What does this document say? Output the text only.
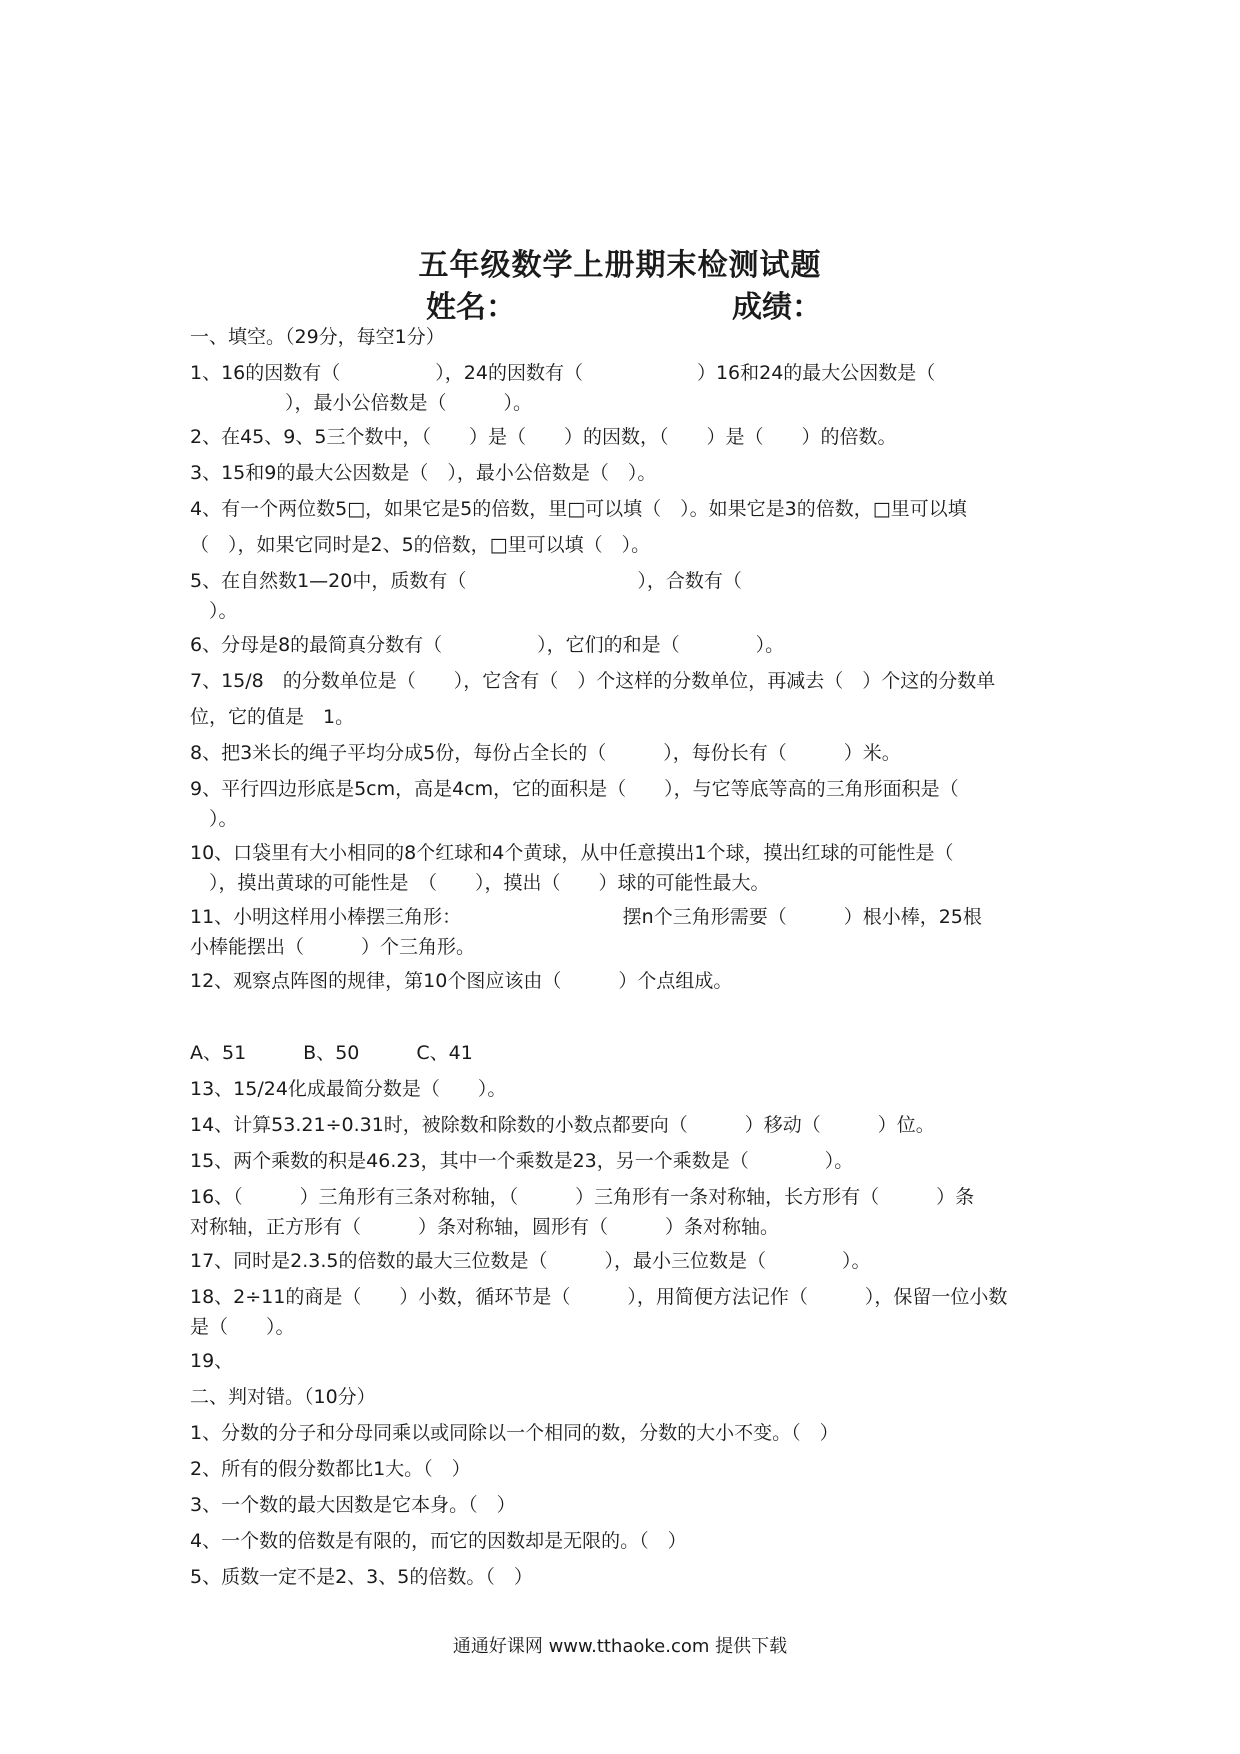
五年级数学上册期末检测试题
姓名：	成绩：
一、填空。（29分，每空1分）
1、16的因数有（　　　　　），24的因数有（　　　　　　）16和24的最大公因数是（
　　　　　），最小公倍数是（　　　）。
2、在45、9、5三个数中，（　　）是（　　）的因数，（　　）是（　　）的倍数。
3、15和9的最大公因数是（　），最小公倍数是（　）。
4、有一个两位数5□，如果它是5的倍数，里□可以填（　）。如果它是3的倍数，□里可以填
（　），如果它同时是2、5的倍数，□里可以填（　）。
5、在自然数1—20中，质数有（　　　　　　　　　），合数有（
　）。
6、分母是8的最简真分数有（　　　　　），它们的和是（　　　　）。
7、15/8　的分数单位是（　　），它含有（　）个这样的分数单位，再减去（　）个这的分数单
位，它的值是　1。
8、把3米长的绳子平均分成5份，每份占全长的（　　　），每份长有（　　　）米。
9、平行四边形底是5cm，高是4cm，它的面积是（　　），与它等底等高的三角形面积是（
　）。
10、口袋里有大小相同的8个红球和4个黄球，从中任意摸出1个球，摸出红球的可能性是（
　），摸出黄球的可能性是　（　　），摸出（　　）球的可能性最大。
11、小明这样用小棒摆三角形：　　　　　　　　　摆n个三角形需要（　　　）根小棒，25根
小棒能摆出（　　　）个三角形。
12、观察点阵图的规律，第10个图应该由（　　　）个点组成。
A、51　　　B、50　　　C、41
13、15/24化成最简分数是（　　）。
14、计算53.21÷0.31时，被除数和除数的小数点都要向（　　　）移动（　　　）位。
15、两个乘数的积是46.23，其中一个乘数是23，另一个乘数是（　　　　）。
16、（　　　）三角形有三条对称轴，（　　　）三角形有一条对称轴，长方形有（　　　）条
对称轴，正方形有（　　　）条对称轴，圆形有（　　　）条对称轴。
17、同时是2.3.5的倍数的最大三位数是（　　　），最小三位数是（　　　　）。
18、2÷11的商是（　　）小数，循环节是（　　　），用简便方法记作（　　　），保留一位小数
是（　　）。
19、
二、判对错。（10分）
1、分数的分子和分母同乘以或同除以一个相同的数，分数的大小不变。（　）
2、所有的假分数都比1大。（　）
3、一个数的最大因数是它本身。（　）
4、一个数的倍数是有限的，而它的因数却是无限的。（　）
5、质数一定不是2、3、5的倍数。（　）
通通好课网 www.tthaoke.com 提供下载
